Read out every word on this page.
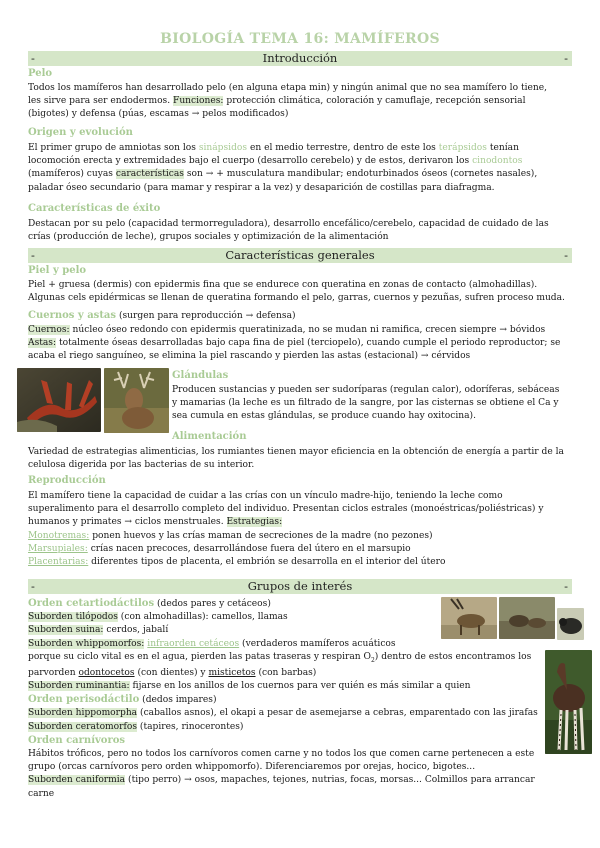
BIOLOGÍA TEMA 16: MAMÍFEROS
-	Introducción	-
Pelo
Todos los mamíferos han desarrollado pelo (en alguna etapa min) y ningún animal que no sea mamífero lo tiene,
les sirve para ser endodermos. Funciones: protección climática, coloración y camuflaje, recepción sensorial
(bigotes) y defensa (púas, escamas → pelos modificados)
Origen y evolución
El primer grupo de amniotas son los sinápsidos en el medio terrestre, dentro de este los terápsidos tenían
locomoción erecta y extremidades bajo el cuerpo (desarrollo cerebelo) y de estos, derivaron los cinodontos
(mamíferos) cuyas características son → + musculatura mandibular; endoturbinados óseos (cornetes nasales),
paladar óseo secundario (para mamar y respirar a la vez) y desaparición de costillas para diafragma.
Características de éxito
Destacan por su pelo (capacidad termorreguladora), desarrollo encefálico/cerebelo, capacidad de cuidado de las
crías (producción de leche), grupos sociales y optimización de la alimentación
-	Características generales	-
Piel y pelo
Piel + gruesa (dermis) con epidermis fina que se endurece con queratina en zonas de contacto (almohadillas).
Algunas cels epidérmicas se llenan de queratina formando el pelo, garras, cuernos y pezuñas, sufren proceso muda.
Cuernos y astas (surgen para reproducción → defensa)
Cuernos: núcleo óseo redondo con epidermis queratinizada, no se mudan ni ramifica, crecen siempre → bóvidos
Astas: totalmente óseas desarrolladas bajo capa fina de piel (terciopelo), cuando cumple el periodo reproductor; se
acaba el riego sanguíneo, se elimina la piel rascando y pierden las astas (estacional) → cérvidos
Glándulas
Producen sustancias y pueden ser sudoríparas (regulan calor), odoríferas, sebáceas
y mamarias (la leche es un filtrado de la sangre, por las cisternas se obtiene el Ca y
sea cumula en estas glándulas, se produce cuando hay oxitocina).
Alimentación
Variedad de estrategias alimenticias, los rumiantes tienen mayor eficiencia en la obtención de energía a partir de la
celulosa digerida por las bacterias de su interior.
Reproducción
El mamífero tiene la capacidad de cuidar a las crías con un vínculo madre-hijo, teniendo la leche como
superalimento para el desarrollo completo del individuo. Presentan ciclos estrales (monoéstricas/poliéstricas) y
humanos y primates → ciclos menstruales. Estrategias:
Monotremas: ponen huevos y las crías maman de secreciones de la madre (no pezones)
Marsupiales: crías nacen precoces, desarrollándose fuera del útero en el marsupio
Placentarias: diferentes tipos de placenta, el embrión se desarrolla en el interior del útero
-	Grupos de interés	-
Orden cetartiodáctilos (dedos pares y cetáceos)
Suborden tilópodos (con almohadillas): camellos, llamas
Suborden suina: cerdos, jabalí
Suborden whippomorfos: infraorden cetáceos (verdaderos mamíferos acuáticos
porque su ciclo vital es en el agua, pierden las patas traseras y respiran $O_2$) dentro de estos encontramos los
parvorden odontocetos (con dientes) y misticetos (con barbas)
Suborden ruminantia: fijarse en los anillos de los cuernos para ver quién es más similar a quien
Orden perisodáctilo (dedos impares)
Suborden hippomorpha (caballos asnos), el okapi a pesar de asemejarse a cebras, emparentado con las jirafas
Suborden ceratomorfos (tapires, rinocerontes)
Orden carnívoros
Hábitos tróficos, pero no todos los carnívoros comen carne y no todos los que comen carne pertenecen a este
grupo (orcas carnívoros pero orden whippomorfo). Diferenciaremos por orejas, hocico, bigotes...
Suborden caniformia (tipo perro) → osos, mapaches, tejones, nutrias, focas, morsas... Colmillos para arrancar
carne
